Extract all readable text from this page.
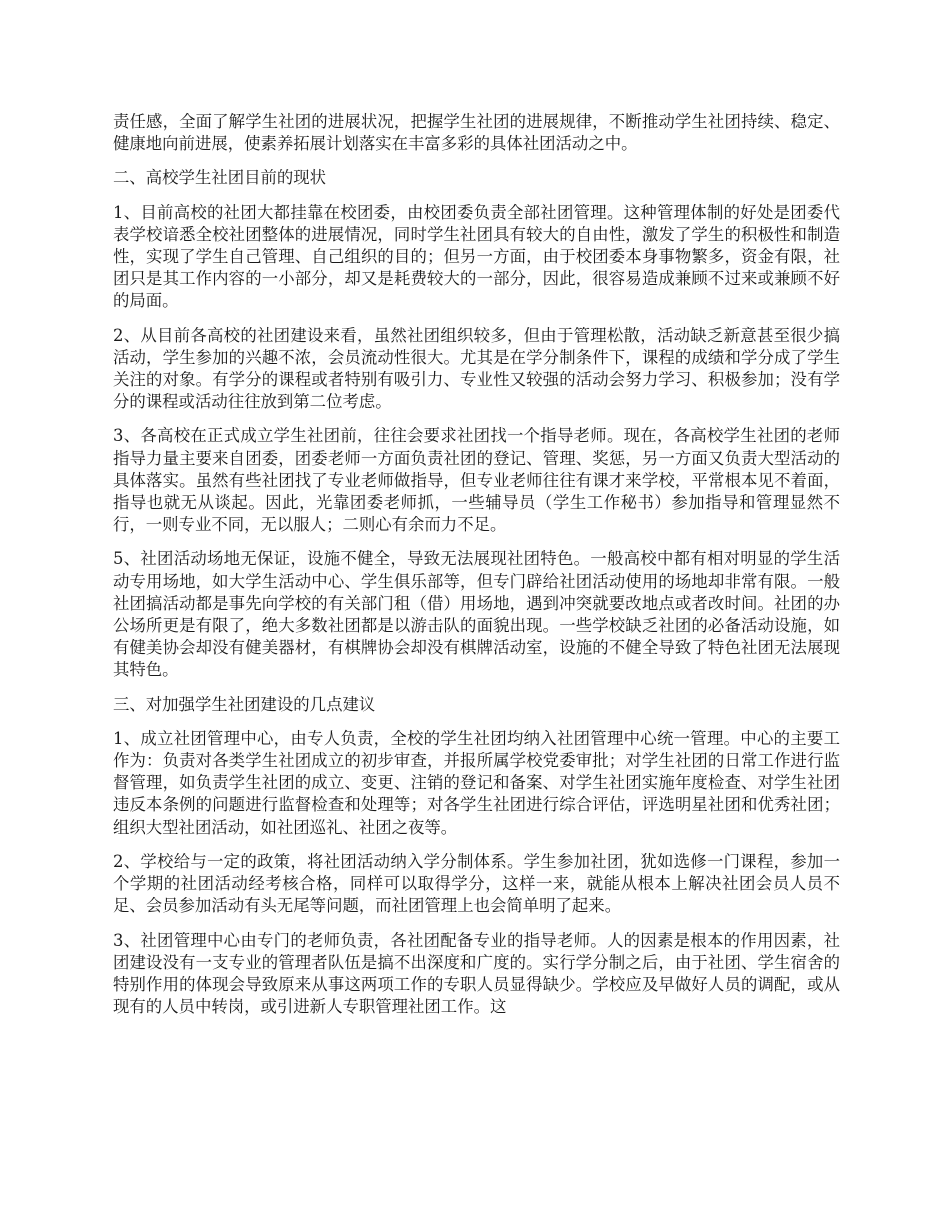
责任感，全面了解学生社团的进展状况，把握学生社团的进展规律，不断推动学生社团持续、稳定、健康地向前进展，使素养拓展计划落实在丰富多彩的具体社团活动之中。

二、高校学生社团目前的现状

1、目前高校的社团大都挂靠在校团委，由校团委负责全部社团管理。这种管理体制的好处是团委代表学校谙悉全校社团整体的进展情况，同时学生社团具有较大的自由性，激发了学生的积极性和制造性，实现了学生自己管理、自己组织的目的；但另一方面，由于校团委本身事物繁多，资金有限，社团只是其工作内容的一小部分，却又是耗费较大的一部分，因此，很容易造成兼顾不过来或兼顾不好的局面。

2、从目前各高校的社团建设来看，虽然社团组织较多，但由于管理松散，活动缺乏新意甚至很少搞活动，学生参加的兴趣不浓，会员流动性很大。尤其是在学分制条件下，课程的成绩和学分成了学生关注的对象。有学分的课程或者特别有吸引力、专业性又较强的活动会努力学习、积极参加；没有学分的课程或活动往往放到第二位考虑。

3、各高校在正式成立学生社团前，往往会要求社团找一个指导老师。现在，各高校学生社团的老师指导力量主要来自团委，团委老师一方面负责社团的登记、管理、奖惩，另一方面又负责大型活动的具体落实。虽然有些社团找了专业老师做指导，但专业老师往往有课才来学校，平常根本见不着面，指导也就无从谈起。因此，光靠团委老师抓，一些辅导员（学生工作秘书）参加指导和管理显然不行，一则专业不同，无以服人；二则心有余而力不足。

5、社团活动场地无保证，设施不健全，导致无法展现社团特色。一般高校中都有相对明显的学生活动专用场地，如大学生活动中心、学生俱乐部等，但专门辟给社团活动使用的场地却非常有限。一般社团搞活动都是事先向学校的有关部门租（借）用场地，遇到冲突就要改地点或者改时间。社团的办公场所更是有限了，绝大多数社团都是以游击队的面貌出现。一些学校缺乏社团的必备活动设施，如有健美协会却没有健美器材，有棋牌协会却没有棋牌活动室，设施的不健全导致了特色社团无法展现其特色。

三、对加强学生社团建设的几点建议

1、成立社团管理中心，由专人负责，全校的学生社团均纳入社团管理中心统一管理。中心的主要工作为：负责对各类学生社团成立的初步审查，并报所属学校党委审批；对学生社团的日常工作进行监督管理，如负责学生社团的成立、变更、注销的登记和备案、对学生社团实施年度检查、对学生社团违反本条例的问题进行监督检查和处理等；对各学生社团进行综合评估，评选明星社团和优秀社团；组织大型社团活动，如社团巡礼、社团之夜等。

2、学校给与一定的政策，将社团活动纳入学分制体系。学生参加社团，犹如选修一门课程，参加一个学期的社团活动经考核合格，同样可以取得学分，这样一来，就能从根本上解决社团会员人员不足、会员参加活动有头无尾等问题，而社团管理上也会简单明了起来。

3、社团管理中心由专门的老师负责，各社团配备专业的指导老师。人的因素是根本的作用因素，社团建设没有一支专业的管理者队伍是搞不出深度和广度的。实行学分制之后，由于社团、学生宿舍的特别作用的体现会导致原来从事这两项工作的专职人员显得缺少。学校应及早做好人员的调配，或从现有的人员中转岗，或引进新人专职管理社团工作。这
